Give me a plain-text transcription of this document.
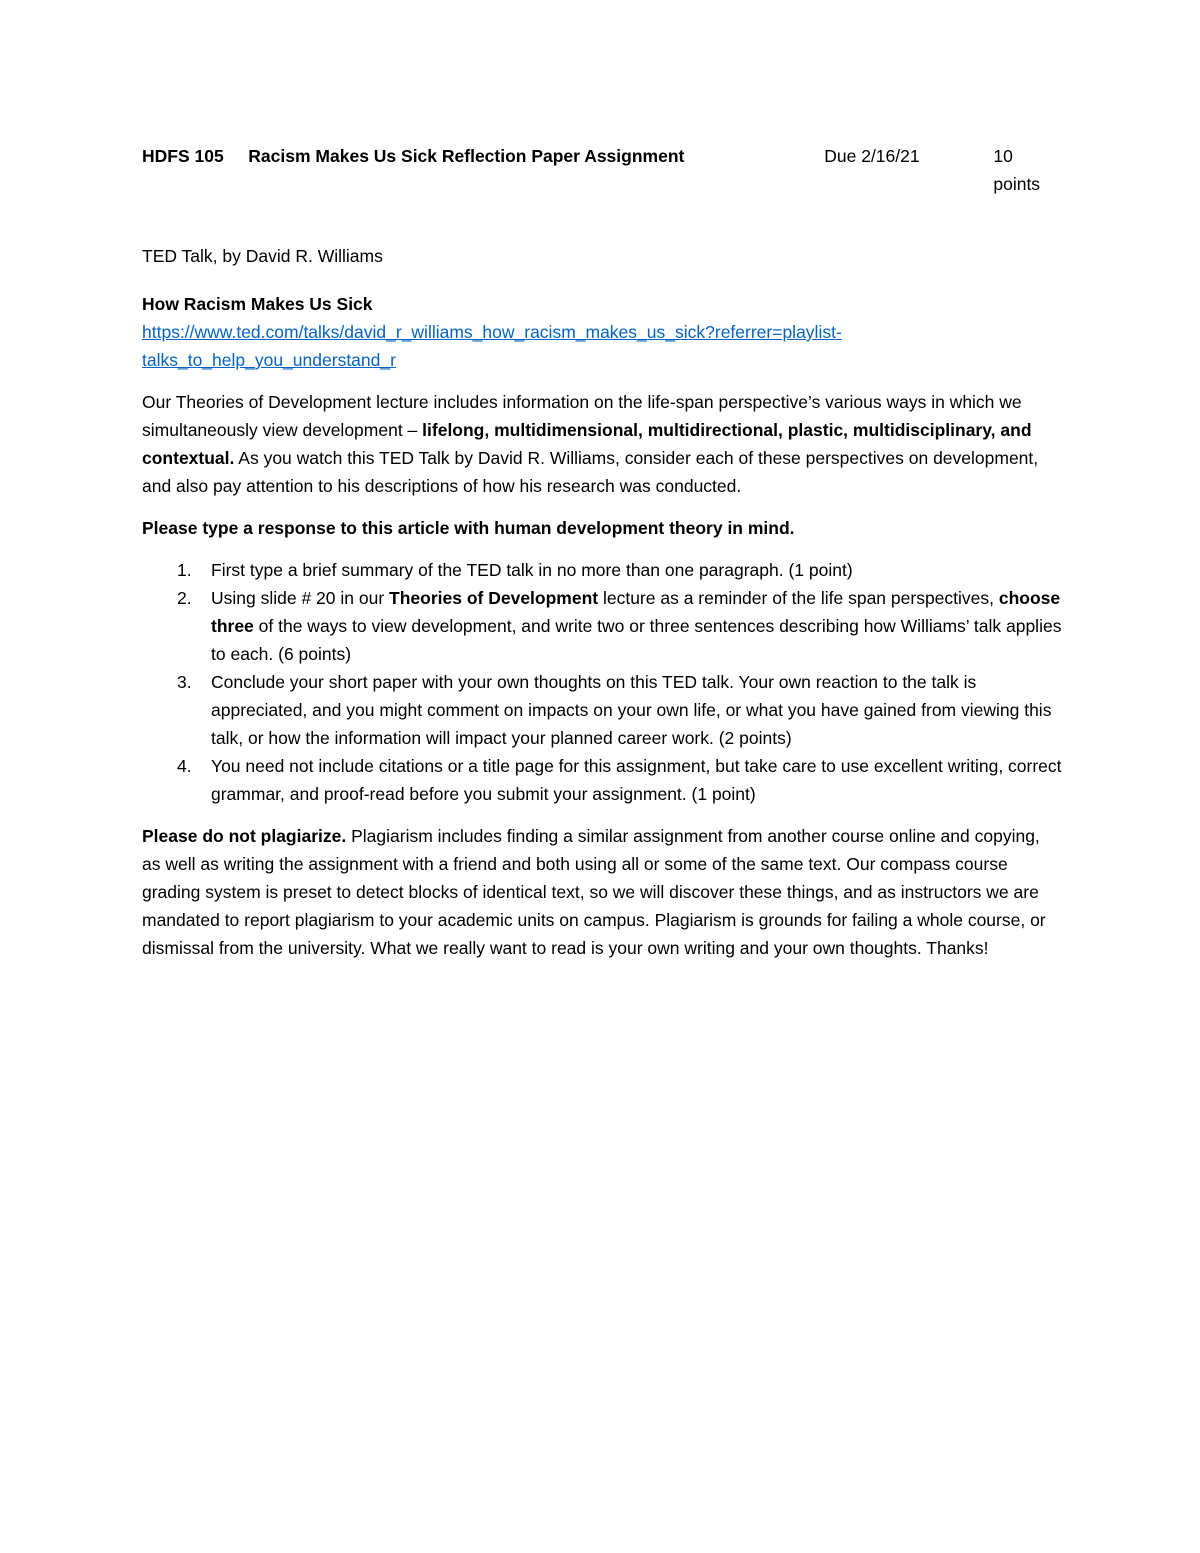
HDFS 105	Racism Makes Us Sick Reflection Paper Assignment	Due 2/16/21	10 points

TED Talk, by David R. Williams

How Racism Makes Us Sick

https://www.ted.com/talks/david_r_williams_how_racism_makes_us_sick?referrer=playlist-
talks_to_help_you_understand_r

Our Theories of Development lecture includes information on the life-span perspective’s various ways in which we simultaneously view development – lifelong, multidimensional, multidirectional, plastic, multidisciplinary, and contextual. As you watch this TED Talk by David R. Williams, consider each of these perspectives on development, and also pay attention to his descriptions of how his research was conducted.

Please type a response to this article with human development theory in mind.

1. First type a brief summary of the TED talk in no more than one paragraph. (1 point)
2. Using slide # 20 in our Theories of Development lecture as a reminder of the life span perspectives, choose three of the ways to view development, and write two or three sentences describing how Williams’ talk applies to each. (6 points)
3. Conclude your short paper with your own thoughts on this TED talk. Your own reaction to the talk is appreciated, and you might comment on impacts on your own life, or what you have gained from viewing this talk, or how the information will impact your planned career work. (2 points)
4. You need not include citations or a title page for this assignment, but take care to use excellent writing, correct grammar, and proof-read before you submit your assignment. (1 point)

Please do not plagiarize. Plagiarism includes finding a similar assignment from another course online and copying, as well as writing the assignment with a friend and both using all or some of the same text. Our compass course grading system is preset to detect blocks of identical text, so we will discover these things, and as instructors we are mandated to report plagiarism to your academic units on campus. Plagiarism is grounds for failing a whole course, or dismissal from the university. What we really want to read is your own writing and your own thoughts. Thanks!
